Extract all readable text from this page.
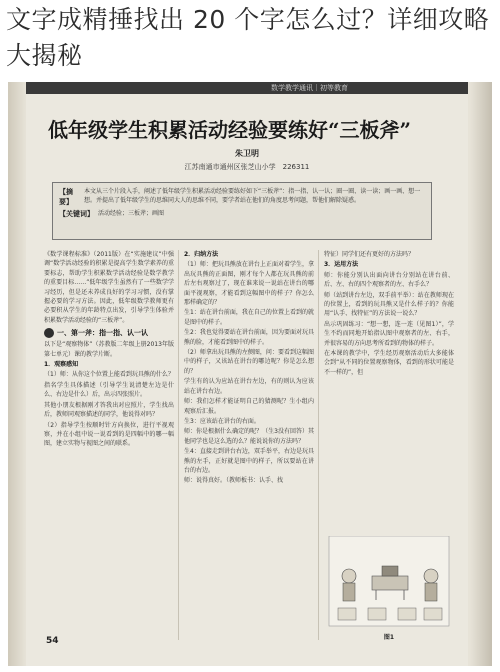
文字成精捶找出 20 个字怎么过？详细攻略大揭秘
数学教学通讯｜初等教育
低年级学生积累活动经验要练好“三板斧”
朱卫明
江苏南通市通州区张芝山小学　226311
【摘　要】
本文从三个片段入手，阐述了低年级学生积累活动经验要练好如下“三板斧”：指一指、认一认；圈一圈、读一读；画一画、想一想。并提出了低年级学生的思维同大人的思维不同，要学者站在他们的角度思考问题，帮他们解除疑惑。
【关键词】 活动经验；三板斧；画图

《数学课程标准》（2011版）在“实施建议”中强调“数学活动经验的积累是提高学生数学素养的重要标志，帮助学生积累数学活动经验是数学教学的重要目标……”低年级学生虽然有了一些数学学习经历，但是还未养成良好的学习习惯，没有掌握必要的学习方法。因此，低年级数学教师更有必要积从学生的年龄特点出发，引导学生体验并积累数学活动经验的“三板斧”。

一、第一斧：指一指、认一认

以下是“观察物体”（苏教版二年级上册2013年版第七单元）课的教学片断。

1．观察感知

（1）师：从你这个位置上能看到玩具熊的什么？

指名学生具体描述（引导学生说清楚左边是什么、右边是什么）后，出示四张照片。

其他小朋友根据刚才答我出对应照片，学生找出后，教师同观察描述的同学，他说得对吗？

（2）指导学生按顺时针方向换位，进行平视观察，并在小组中说一说看到的是四幅中的哪一幅图，建立实物与视图之间的联系。

2．归纳方法

（1）师：把玩具熊放在讲台上正面对着学生，拿出玩具熊的正面图，刚才每个人都在玩具熊的前后左右观察过了，现在谁来说一说站在讲台的哪面平视观察，才能看到这幅图中的样子？你怎么那样确定的？

生1：站在讲台前面，我在自己的位置上看到的就是图中的样子。

生2：我也觉得要站在讲台前面，因为要面对玩具熊的脸，才能看到图中的样子。

（2）师拿出玩具熊的左侧图，问：要看到这幅图中的样子，又该站在讲台的哪边呢？你是怎么想的？

学生有的认为应站在讲台左边，有的则认为应该站在讲台右边。

师：我们怎样才能证明自己的猜测呢？生小组内观察后汇报。

生3：应该站在讲台的右面。

师：你是根据什么确定的呢？（生3没有回答）其他同学也是这么选的么？能说说你的方法吗？

生4：直接走到讲台右边，双手举平，右边是玩具熊的左手，正好就是图中的样子，所以要站在讲台的右边。

师：说得真好。（教师板书：认手、找

特征）同学们还有更好的方法吗？

3．运用方法

师：你能分别认出面向讲台分别站在讲台前、后、左、右的四个观察者的左、右手么？

师（站到讲台左边，双手前平举）：站在教师现在的位置上，看到的玩具熊又是什么样子的？你能用“认手、找特征”的方法说一说么？

出示巩固练习：“想一想，连一连（见图1）”，学生不约而同地开始指认图中观察者的左、右手，并很容易的方向思考所看到的物体的样子。

在本课的教学中，学生经历观察活动后大多能体会到“从不同的位置观察物体，看到的形状可能是不一样的”，但

图1
54
